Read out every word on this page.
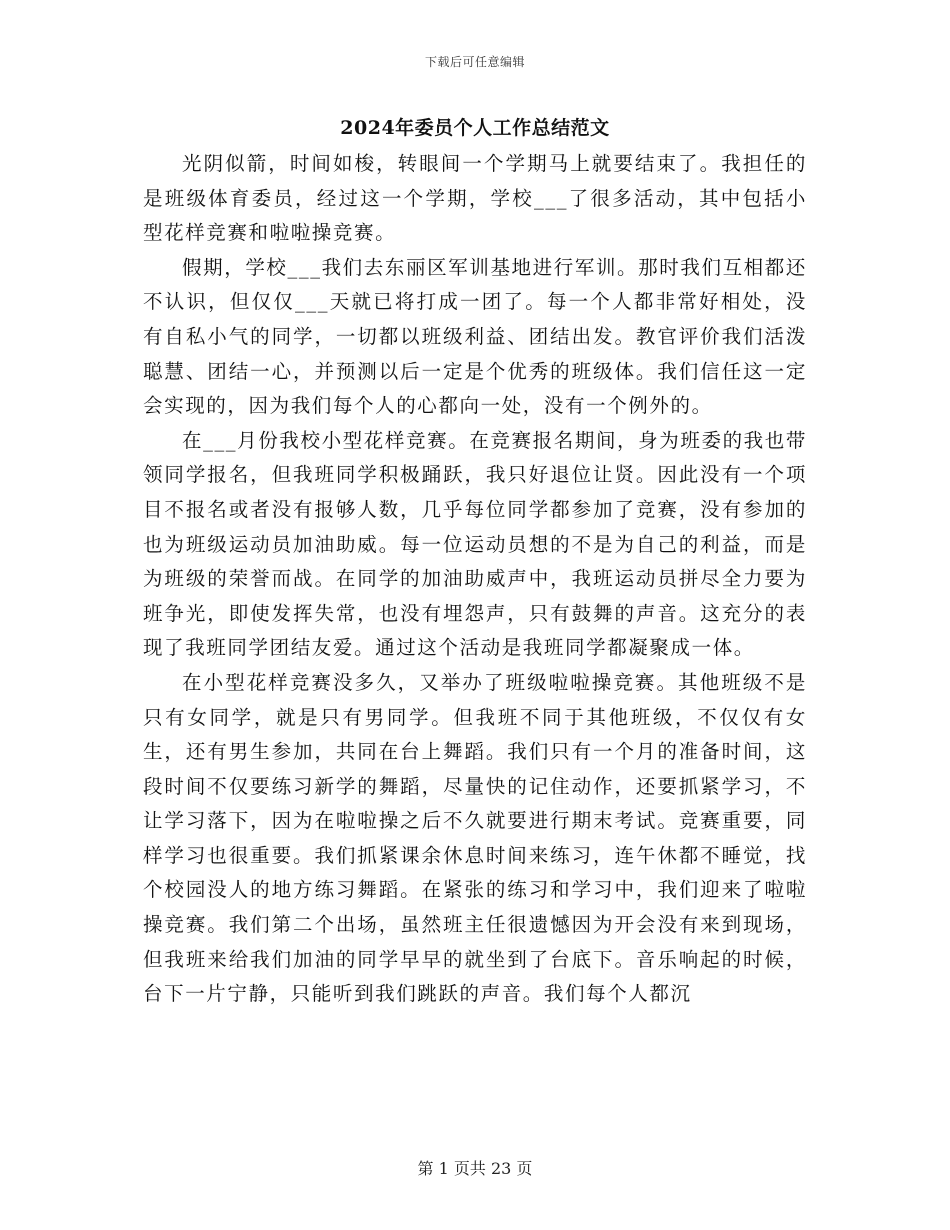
下载后可任意编辑
2024年委员个人工作总结范文

光阴似箭，时间如梭，转眼间一个学期马上就要结束了。我担任的是班级体育委员，经过这一个学期，学校___了很多活动，其中包括小型花样竞赛和啦啦操竞赛。

假期，学校___我们去东丽区军训基地进行军训。那时我们互相都还不认识，但仅仅___天就已将打成一团了。每一个人都非常好相处，没有自私小气的同学，一切都以班级利益、团结出发。教官评价我们活泼聪慧、团结一心，并预测以后一定是个优秀的班级体。我们信任这一定会实现的，因为我们每个人的心都向一处，没有一个例外的。

在___月份我校小型花样竞赛。在竞赛报名期间，身为班委的我也带领同学报名，但我班同学积极踊跃，我只好退位让贤。因此没有一个项目不报名或者没有报够人数，几乎每位同学都参加了竞赛，没有参加的也为班级运动员加油助威。每一位运动员想的不是为自己的利益，而是为班级的荣誉而战。在同学的加油助威声中，我班运动员拼尽全力要为班争光，即使发挥失常，也没有埋怨声，只有鼓舞的声音。这充分的表现了我班同学团结友爱。通过这个活动是我班同学都凝聚成一体。

在小型花样竞赛没多久，又举办了班级啦啦操竞赛。其他班级不是只有女同学，就是只有男同学。但我班不同于其他班级，不仅仅有女生，还有男生参加，共同在台上舞蹈。我们只有一个月的准备时间，这段时间不仅要练习新学的舞蹈，尽量快的记住动作，还要抓紧学习，不让学习落下，因为在啦啦操之后不久就要进行期末考试。竞赛重要，同样学习也很重要。我们抓紧课余休息时间来练习，连午休都不睡觉，找个校园没人的地方练习舞蹈。在紧张的练习和学习中，我们迎来了啦啦操竞赛。我们第二个出场，虽然班主任很遗憾因为开会没有来到现场，但我班来给我们加油的同学早早的就坐到了台底下。音乐响起的时候，台下一片宁静，只能听到我们跳跃的声音。我们每个人都沉

第 1 页共 23 页
